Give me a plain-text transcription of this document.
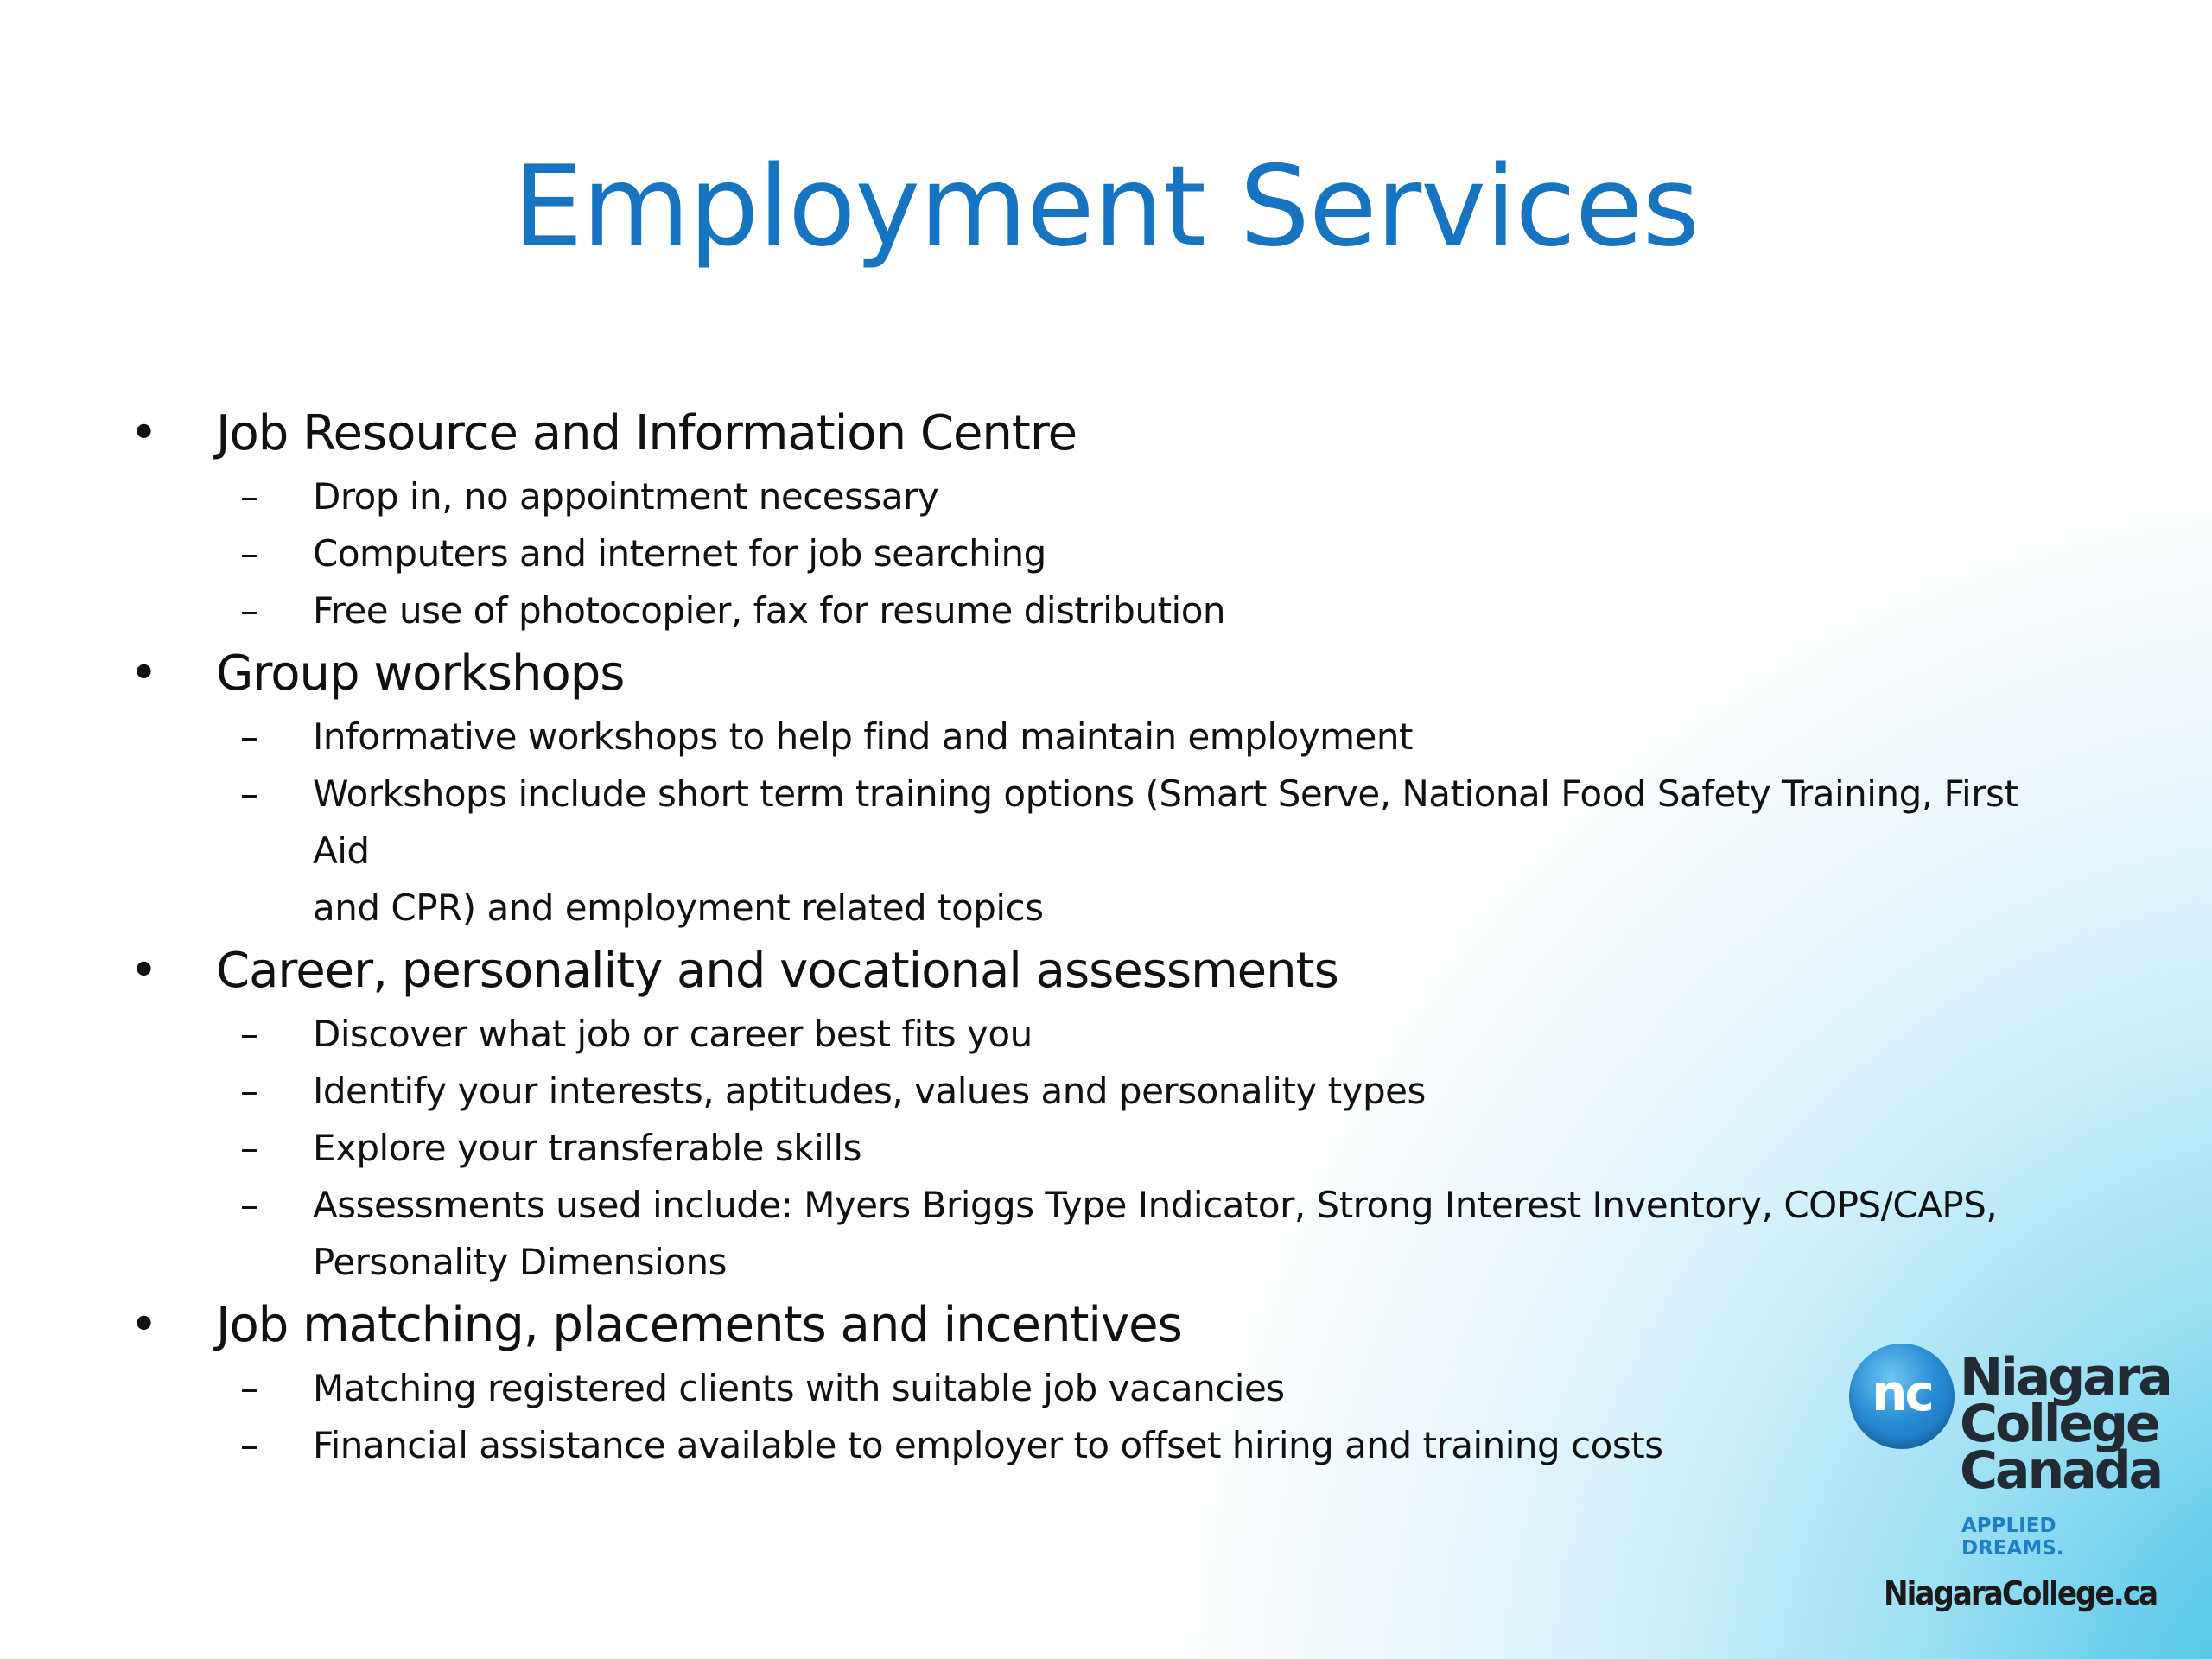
Employment Services
• Job Resource and Information Centre
–	Drop in, no appointment necessary
–	Computers and internet for job searching
–	Free use of photocopier, fax for resume distribution
• Group workshops
–	Informative workshops to help find and maintain employment
–	Workshops include short term training options (Smart Serve, National Food Safety Training, First Aid
and CPR) and employment related topics
• Career, personality and vocational assessments
–	Discover what job or career best fits you
–	Identify your interests, aptitudes, values and personality types
–	Explore your transferable skills
–	Assessments used include: Myers Briggs Type Indicator, Strong Interest Inventory, COPS/CAPS,
Personality Dimensions
• Job matching, placements and incentives
–	Matching registered clients with suitable job vacancies
–	Financial assistance available to employer to offset hiring and training costs
nc Niagara
College
Canada
APPLIED DREAMS.
NiagaraCollege.ca
